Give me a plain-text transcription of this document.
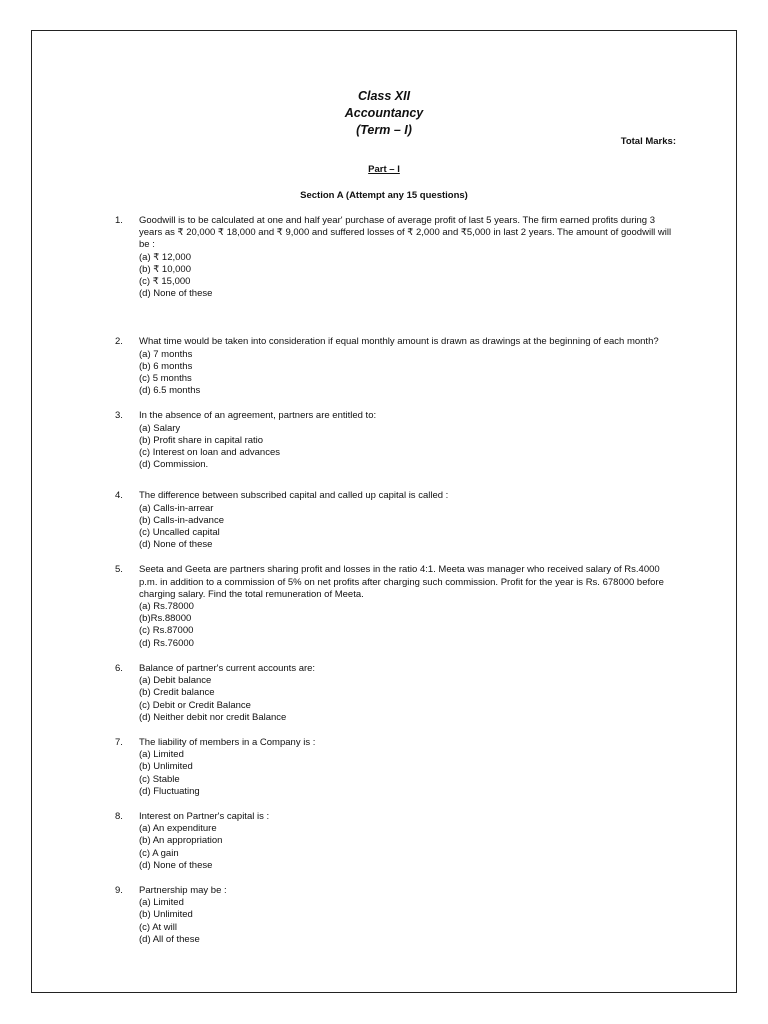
Class XII
Accountancy
(Term – I)
Total Marks:
Part – I
Section A (Attempt any 15 questions)
1. Goodwill is to be calculated at one and half year' purchase of average profit of last 5 years. The firm earned profits during 3 years as ₹ 20,000 ₹ 18,000 and ₹ 9,000 and suffered losses of ₹ 2,000 and ₹5,000 in last 2 years. The amount of goodwill will be :
(a) ₹ 12,000
(b) ₹ 10,000
(c) ₹ 15,000
(d) None of these
2. What time would be taken into consideration if equal monthly amount is drawn as drawings at the beginning of each month?
(a) 7 months
(b) 6 months
(c) 5 months
(d) 6.5 months
3. In the absence of an agreement, partners are entitled to:
(a) Salary
(b) Profit share in capital ratio
(c) Interest on loan and advances
(d) Commission.
4. The difference between subscribed capital and called up capital is called :
(a) Calls-in-arrear
(b) Calls-in-advance
(c) Uncalled capital
(d) None of these
5. Seeta and Geeta are partners sharing profit and losses in the ratio 4:1. Meeta was manager who received salary of Rs.4000 p.m. in addition to a commission of 5% on net profits after charging such commission. Profit for the year is Rs. 678000 before charging salary. Find the total remuneration of Meeta.
(a) Rs.78000
(b)Rs.88000
(c) Rs.87000
(d) Rs.76000
6. Balance of partner's current accounts are:
(a) Debit balance
(b) Credit balance
(c) Debit or Credit Balance
(d) Neither debit nor credit Balance
7. The liability of members in a Company is :
(a) Limited
(b) Unlimited
(c) Stable
(d) Fluctuating
8. Interest on Partner's capital is :
(a) An expenditure
(b) An appropriation
(c) A gain
(d) None of these
9. Partnership may be :
(a) Limited
(b) Unlimited
(c) At will
(d) All of these
